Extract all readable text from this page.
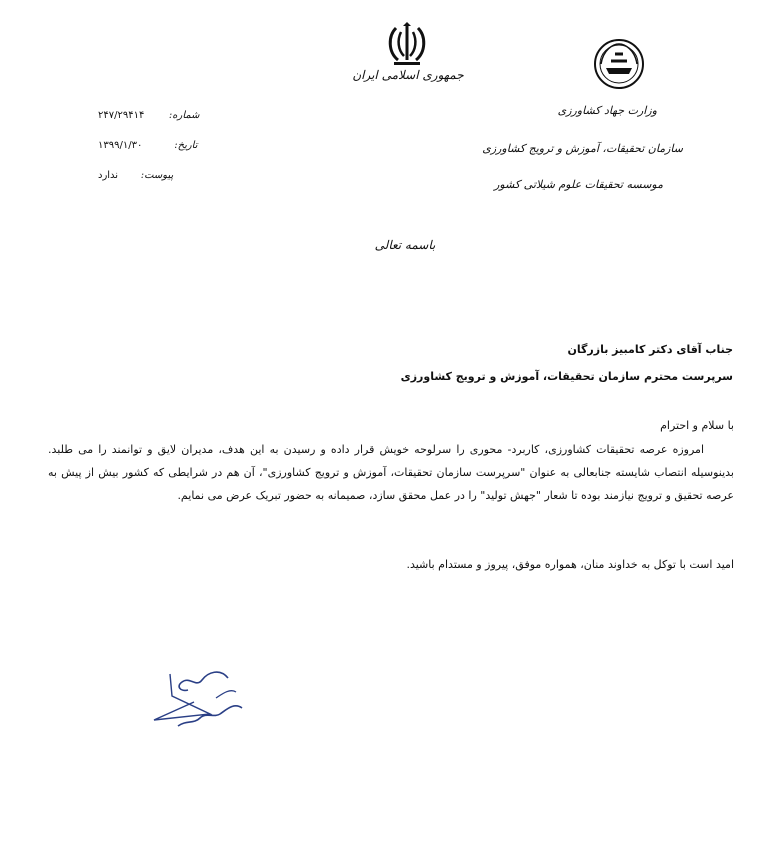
جمهوری اسلامی ایران
وزارت جهاد کشاورزی
سازمان تحقیقات، آموزش و ترویج کشاورزی
موسسه تحقیقات علوم شیلاتی کشور
شماره: ۲۴۷/۲۹۴۱۴
تاریخ: ۱۳۹۹/۱/۳۰
پیوست: ندارد
باسمه تعالی
جناب آقای دکتر کامبیز بازرگان
سرپرست محترم سازمان تحقیقات، آموزش و ترویج کشاورزی
با سلام و احترام
امروزه عرصه تحقیقات کشاورزی، کاربرد- محوری را سرلوحه خویش قرار داده و رسیدن به این هدف، مدیران لایق و توانمند را می طلبد. بدینوسیله انتصاب شایسته جنابعالی به عنوان "سرپرست سازمان تحقیقات، آموزش و ترویج کشاورزی"، آن هم در شرایطی که کشور بیش از پیش به عرصه تحقیق و ترویج نیازمند بوده تا شعار "جهش تولید" را در عمل محقق سازد، صمیمانه به حضور تبریک عرض می نمایم.
امید است با توکل به خداوند منان، همواره موفق، پیروز و مستدام باشید.
